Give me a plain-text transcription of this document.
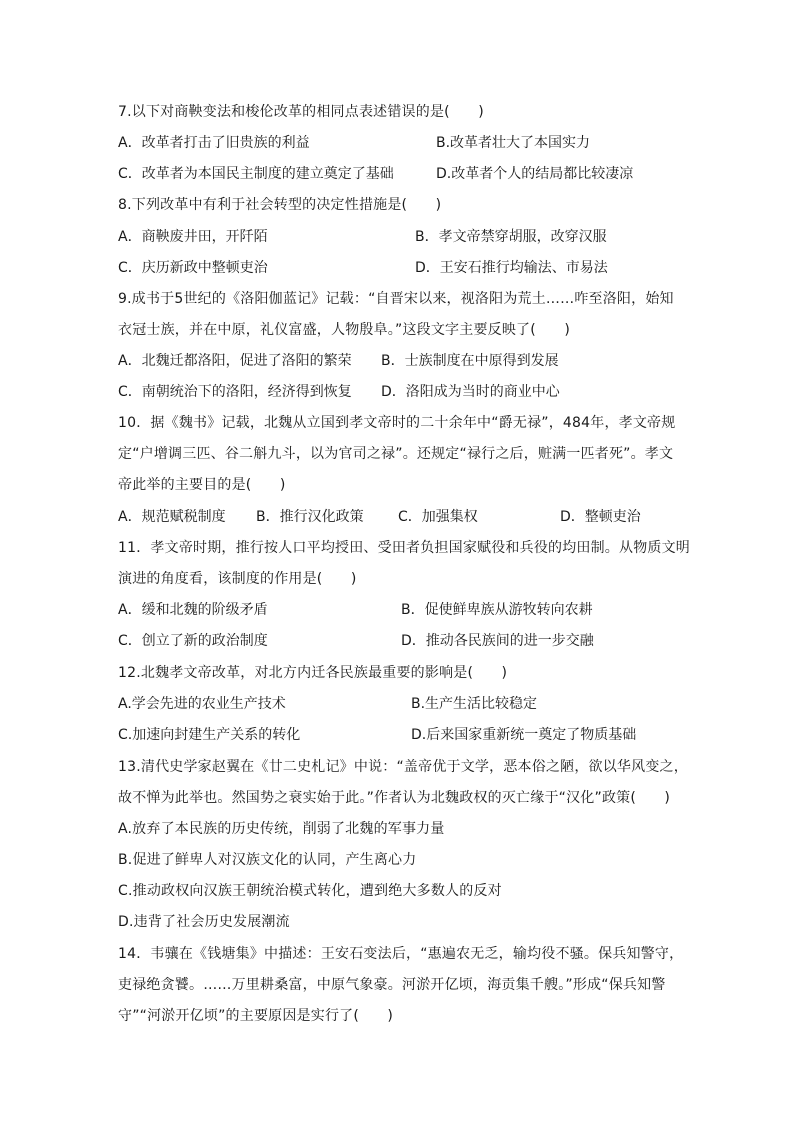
7.以下对商鞅变法和梭伦改革的相同点表述错误的是(　　)
A．改革者打击了旧贵族的利益	B.改革者壮大了本国实力
C．改革者为本国民主制度的建立奠定了基础	D.改革者个人的结局都比较凄凉
8.下列改革中有利于社会转型的决定性措施是(　　)
A．商鞅废井田，开阡陌	B．孝文帝禁穿胡服，改穿汉服
C．庆历新政中整顿吏治	D．王安石推行均输法、市易法
9.成书于5世纪的《洛阳伽蓝记》记载：“自晋宋以来，视洛阳为荒土……咋至洛阳，始知
衣冠士族，并在中原，礼仪富盛，人物殷阜。”这段文字主要反映了(　　)
A．北魏迁都洛阳，促进了洛阳的繁荣 B．士族制度在中原得到发展
C．南朝统治下的洛阳，经济得到恢复 D．洛阳成为当时的商业中心
10．据《魏书》记载，北魏从立国到孝文帝时的二十余年中“爵无禄”，484年，孝文帝规
定“户增调三匹、谷二斛九斗，以为官司之禄”。还规定“禄行之后，赃满一匹者死”。孝文
帝此举的主要目的是(　　)
A．规范赋税制度 B．推行汉化政策 C．加强集权	D．整顿吏治
11．孝文帝时期，推行按人口平均授田、受田者负担国家赋役和兵役的均田制。从物质文明
演进的角度看，该制度的作用是(　　)
A．缓和北魏的阶级矛盾	B．促使鲜卑族从游牧转向农耕
C．创立了新的政治制度	D．推动各民族间的进一步交融
12.北魏孝文帝改革，对北方内迁各民族最重要的影响是(　　)
A.学会先进的农业生产技术	B.生产生活比较稳定
C.加速向封建生产关系的转化	D.后来国家重新统一奠定了物质基础
13.清代史学家赵翼在《廿二史札记》中说：“盖帝优于文学，恶本俗之陋，欲以华风变之，
故不惮为此举也。然国势之衰实始于此。”作者认为北魏政权的灭亡缘于“汉化”政策(　　)
A.放弃了本民族的历史传统，削弱了北魏的军事力量
B.促进了鲜卑人对汉族文化的认同，产生离心力
C.推动政权向汉族王朝统治模式转化，遭到绝大多数人的反对
D.违背了社会历史发展潮流
14．韦骧在《钱塘集》中描述：王安石变法后，“惠遍农无乏，输均役不骚。保兵知警守，
吏禄绝贪饕。……万里耕桑富，中原气象豪。河淤开亿顷，海贡集千艘。”形成“保兵知警
守”“河淤开亿顷”的主要原因是实行了(　　)
